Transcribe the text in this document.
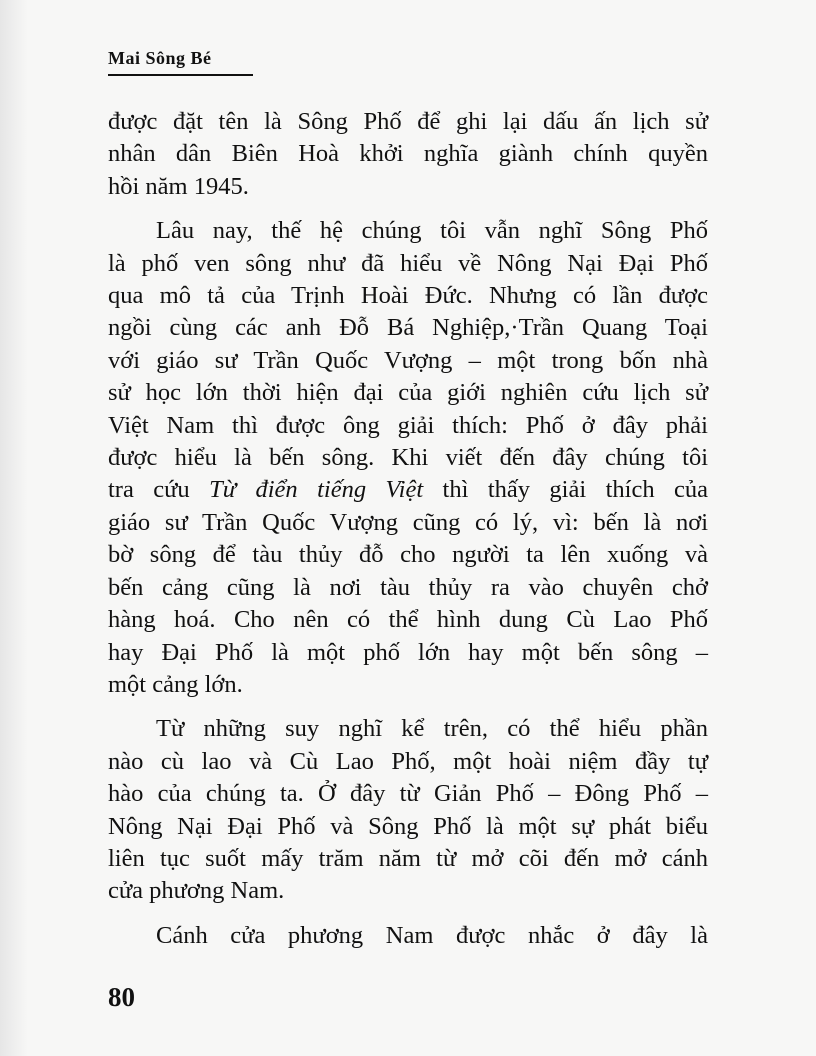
Mai Sông Bé
được đặt tên là Sông Phố để ghi lại dấu ấn lịch sử
nhân dân Biên Hoà khởi nghĩa giành chính quyền
hồi năm 1945.
Lâu nay, thế hệ chúng tôi vẫn nghĩ Sông Phố
là phố ven sông như đã hiểu về Nông Nại Đại Phố
qua mô tả của Trịnh Hoài Đức. Nhưng có lần được
ngồi cùng các anh Đỗ Bá Nghiệp,·Trần Quang Toại
với giáo sư Trần Quốc Vượng – một trong bốn nhà
sử học lớn thời hiện đại của giới nghiên cứu lịch sử
Việt Nam thì được ông giải thích: Phố ở đây phải
được hiểu là bến sông. Khi viết đến đây chúng tôi
tra cứu Từ điển tiếng Việt thì thấy giải thích của
giáo sư Trần Quốc Vượng cũng có lý, vì: bến là nơi
bờ sông để tàu thủy đỗ cho người ta lên xuống và
bến cảng cũng là nơi tàu thủy ra vào chuyên chở
hàng hoá. Cho nên có thể hình dung Cù Lao Phố
hay Đại Phố là một phố lớn hay một bến sông –
một cảng lớn.
Từ những suy nghĩ kể trên, có thể hiểu phần
nào cù lao và Cù Lao Phố, một hoài niệm đầy tự
hào của chúng ta. Ở đây từ Giản Phố – Đông Phố –
Nông Nại Đại Phố và Sông Phố là một sự phát biểu
liên tục suốt mấy trăm năm từ mở cõi đến mở cánh
cửa phương Nam.
Cánh cửa phương Nam được nhắc ở đây là
80
